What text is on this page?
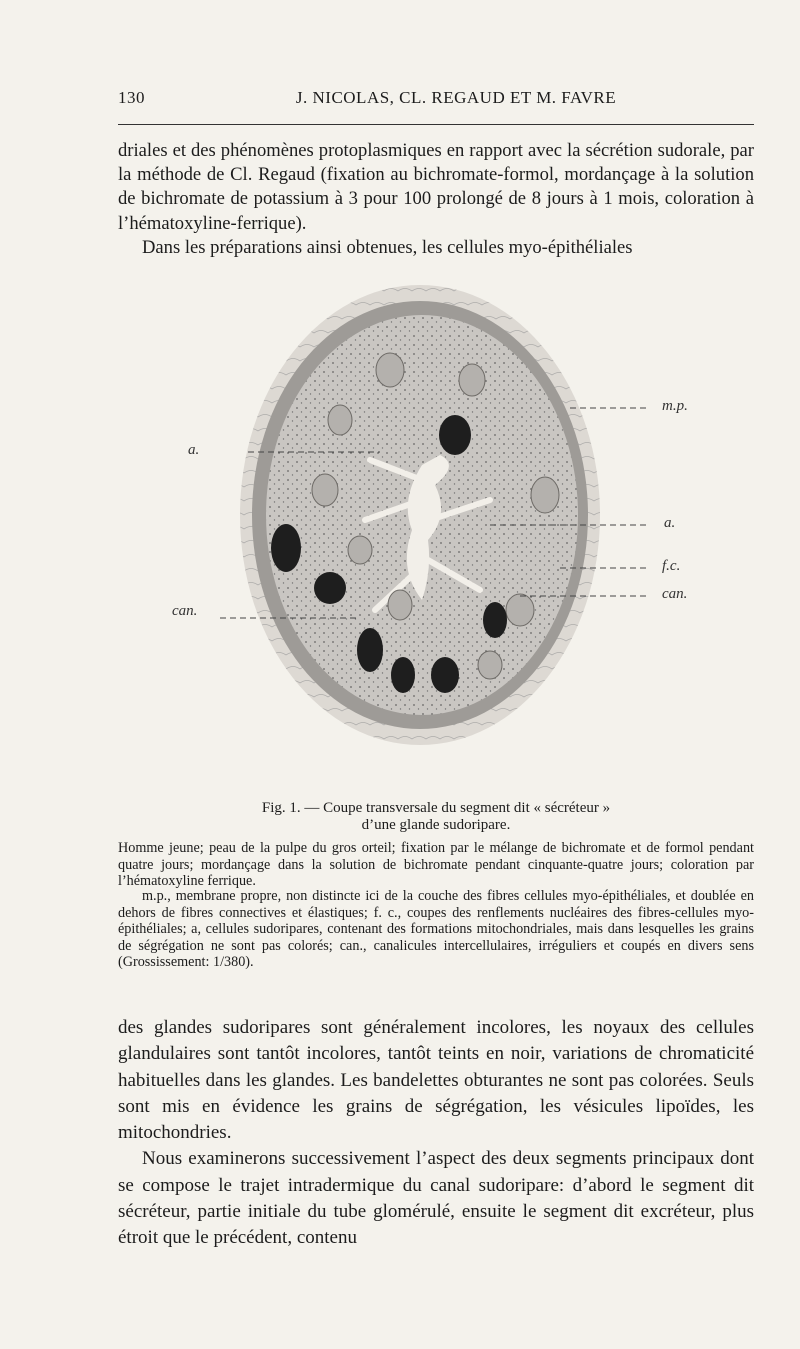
130	J. NICOLAS, CL. REGAUD ET M. FAVRE

driales et des phénomènes protoplasmiques en rapport avec la sécrétion sudorale, par la méthode de Cl. Regaud (fixation au bichromate-formol, mordançage à la solution de bichromate de potassium à 3 pour 100 prolongé de 8 jours à 1 mois, coloration à l’hématoxyline-ferrique).

Dans les préparations ainsi obtenues, les cellules myo-épithéliales

a.
can.
m.p.
a.
f.c.
can.
Fig. 1. — Coupe transversale du segment dit « sécréteur »
d’une glande sudoripare.
Homme jeune; peau de la pulpe du gros orteil; fixation par le mélange de bichromate et de formol pendant quatre jours; mordançage dans la solution de bichromate pendant cinquante-quatre jours; coloration par l’hématoxyline ferrique.
m.p., membrane propre, non distincte ici de la couche des fibres cellules myo-épithéliales, et doublée en dehors de fibres connectives et élastiques; f. c., coupes des renflements nucléaires des fibres-cellules myo-épithéliales; a, cellules sudoripares, contenant des formations mitochondriales, mais dans lesquelles les grains de ségrégation ne sont pas colorés; can., canalicules intercellulaires, irréguliers et coupés en divers sens (Grossissement: 1/380).

des glandes sudoripares sont généralement incolores, les noyaux des cellules glandulaires sont tantôt incolores, tantôt teints en noir, variations de chromaticité habituelles dans les glandes. Les bandelettes obturantes ne sont pas colorées. Seuls sont mis en évidence les grains de ségrégation, les vésicules lipoïdes, les mitochondries.

Nous examinerons successivement l’aspect des deux segments principaux dont se compose le trajet intradermique du canal sudoripare: d’abord le segment dit sécréteur, partie initiale du tube glomérulé, ensuite le segment dit excréteur, plus étroit que le précédent, contenu
